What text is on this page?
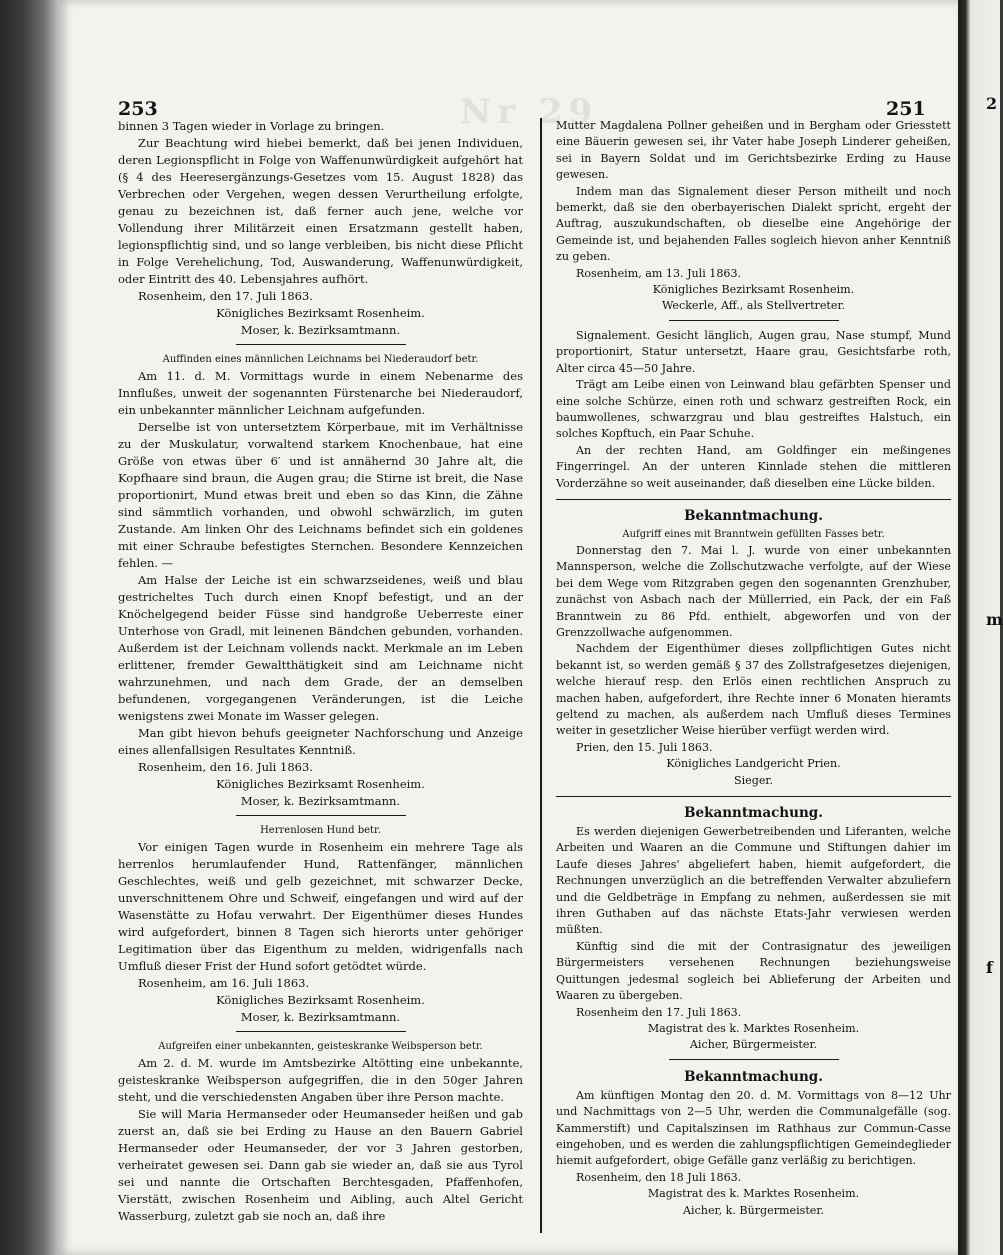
2
m
f
Nr 29
253	251

binnen 3 Tagen wieder in Vorlage zu bringen.

Zur Beachtung wird hiebei bemerkt, daß bei jenen Individuen, deren Legionspflicht in Folge von Waffenunwürdigkeit aufgehört hat (§ 4 des Heeresergänzungs-Gesetzes vom 15. August 1828) das Verbrechen oder Vergehen, wegen dessen Verurtheilung erfolgte, genau zu bezeichnen ist, daß ferner auch jene, welche vor Vollendung ihrer Militärzeit einen Ersatzmann gestellt haben, legionspflichtig sind, und so lange verbleiben, bis nicht diese Pflicht in Folge Verehelichung, Tod, Auswanderung, Waffenunwürdigkeit, oder Eintritt des 40. Lebensjahres aufhört.

Rosenheim, den 17. Juli 1863.

Königliches Bezirksamt Rosenheim.

Moser, k. Bezirksamtmann.

Auffinden eines männlichen Leichnams bei Niederaudorf betr.

Am 11. d. M. Vormittags wurde in einem Nebenarme des Innflußes, unweit der sogenannten Fürstenarche bei Niederaudorf, ein unbekannter männlicher Leichnam aufgefunden.

Derselbe ist von untersetztem Körperbaue, mit im Verhältnisse zu der Muskulatur, vorwaltend starkem Knochenbaue, hat eine Größe von etwas über 6′ und ist annähernd 30 Jahre alt, die Kopfhaare sind braun, die Augen grau; die Stirne ist breit, die Nase proportionirt, Mund etwas breit und eben so das Kinn, die Zähne sind sämmtlich vorhanden, und obwohl schwärzlich, im guten Zustande. Am linken Ohr des Leichnams befindet sich ein goldenes mit einer Schraube befestigtes Sternchen. Besondere Kennzeichen fehlen. —

Am Halse der Leiche ist ein schwarzseidenes, weiß und blau gestricheltes Tuch durch einen Knopf befestigt, und an der Knöchelgegend beider Füsse sind handgroße Ueberreste einer Unterhose von Gradl, mit leinenen Bändchen gebunden, vorhanden. Außerdem ist der Leichnam vollends nackt. Merkmale an im Leben erlittener, fremder Gewaltthätigkeit sind am Leichname nicht wahrzunehmen, und nach dem Grade, der an demselben befundenen, vorgegangenen Veränderungen, ist die Leiche wenigstens zwei Monate im Wasser gelegen.

Man gibt hievon behufs geeigneter Nachforschung und Anzeige eines allenfallsigen Resultates Kenntniß.

Rosenheim, den 16. Juli 1863.

Königliches Bezirksamt Rosenheim.

Moser, k. Bezirksamtmann.

Herrenlosen Hund betr.

Vor einigen Tagen wurde in Rosenheim ein mehrere Tage als herrenlos herumlaufender Hund, Rattenfänger, männlichen Geschlechtes, weiß und gelb gezeichnet, mit schwarzer Decke, unverschnittenem Ohre und Schweif, eingefangen und wird auf der Wasenstätte zu Hofau verwahrt. Der Eigenthümer dieses Hundes wird aufgefordert, binnen 8 Tagen sich hierorts unter gehöriger Legitimation über das Eigenthum zu melden, widrigenfalls nach Umfluß dieser Frist der Hund sofort getödtet würde.

Rosenheim, am 16. Juli 1863.

Königliches Bezirksamt Rosenheim.

Moser, k. Bezirksamtmann.

Aufgreifen einer unbekannten, geisteskranke Weibsperson betr.

Am 2. d. M. wurde im Amtsbezirke Altötting eine unbekannte, geisteskranke Weibsperson aufgegriffen, die in den 50ger Jahren steht, und die verschiedensten Angaben über ihre Person machte.

Sie will Maria Hermanseder oder Heumanseder heißen und gab zuerst an, daß sie bei Erding zu Hause an den Bauern Gabriel Hermanseder oder Heumanseder, der vor 3 Jahren gestorben, verheiratet gewesen sei. Dann gab sie wieder an, daß sie aus Tyrol sei und nannte die Ortschaften Berchtesgaden, Pfaffenhofen, Vierstätt, zwischen Rosenheim und Aibling, auch Altel Gericht Wasserburg, zuletzt gab sie noch an, daß ihre

Mutter Magdalena Pollner geheißen und in Bergham oder Griesstett eine Bäuerin gewesen sei, ihr Vater habe Joseph Linderer geheißen, sei in Bayern Soldat und im Gerichtsbezirke Erding zu Hause gewesen.

Indem man das Signalement dieser Person mitheilt und noch bemerkt, daß sie den oberbayerischen Dialekt spricht, ergeht der Auftrag, auszukundschaften, ob dieselbe eine Angehörige der Gemeinde ist, und bejahenden Falles sogleich hievon anher Kenntniß zu geben.

Rosenheim, am 13. Juli 1863.

Königliches Bezirksamt Rosenheim.

Weckerle, Aff., als Stellvertreter.

Signalement. Gesicht länglich, Augen grau, Nase stumpf, Mund proportionirt, Statur untersetzt, Haare grau, Gesichtsfarbe roth, Alter circa 45—50 Jahre.

Trägt am Leibe einen von Leinwand blau gefärbten Spenser und eine solche Schürze, einen roth und schwarz gestreiften Rock, ein baumwollenes, schwarzgrau und blau gestreiftes Halstuch, ein solches Kopftuch, ein Paar Schuhe.

An der rechten Hand, am Goldfinger ein meßingenes Fingerringel. An der unteren Kinnlade stehen die mittleren Vorderzähne so weit auseinander, daß dieselben eine Lücke bilden.

Bekanntmachung.

Aufgriff eines mit Branntwein gefüllten Fasses betr.

Donnerstag den 7. Mai l. J. wurde von einer unbekannten Mannsperson, welche die Zollschutzwache verfolgte, auf der Wiese bei dem Wege vom Ritzgraben gegen den sogenannten Grenzhuber, zunächst von Asbach nach der Müllerried, ein Pack, der ein Faß Branntwein zu 86 Pfd. enthielt, abgeworfen und von der Grenzzollwache aufgenommen.

Nachdem der Eigenthümer dieses zollpflichtigen Gutes nicht bekannt ist, so werden gemäß § 37 des Zollstrafgesetzes diejenigen, welche hierauf resp. den Erlös einen rechtlichen Anspruch zu machen haben, aufgefordert, ihre Rechte inner 6 Monaten hieramts geltend zu machen, als außerdem nach Umfluß dieses Termines weiter in gesetzlicher Weise hierüber verfügt werden wird.

Prien, den 15. Juli 1863.

Königliches Landgericht Prien.

Sieger.

Bekanntmachung.

Es werden diejenigen Gewerbetreibenden und Liferanten, welche Arbeiten und Waaren an die Commune und Stiftungen dahier im Laufe dieses Jahres' abgeliefert haben, hiemit aufgefordert, die Rechnungen unverzüglich an die betreffenden Verwalter abzuliefern und die Geldbeträge in Empfang zu nehmen, außerdessen sie mit ihren Guthaben auf das nächste Etats-Jahr verwiesen werden müßten.

Künftig sind die mit der Contrasignatur des jeweiligen Bürgermeisters versehenen Rechnungen beziehungsweise Quittungen jedesmal sogleich bei Ablieferung der Arbeiten und Waaren zu übergeben.

Rosenheim den 17. Juli 1863.

Magistrat des k. Marktes Rosenheim.

Aicher, Bürgermeister.

Bekanntmachung.

Am künftigen Montag den 20. d. M. Vormittags von 8—12 Uhr und Nachmittags von 2—5 Uhr, werden die Communalgefälle (sog. Kammerstift) und Capitalszinsen im Rathhaus zur Commun-Casse eingehoben, und es werden die zahlungspflichtigen Gemeindeglieder hiemit aufgefordert, obige Gefälle ganz verläßig zu berichtigen.

Rosenheim, den 18 Juli 1863.

Magistrat des k. Marktes Rosenheim.

Aicher, k. Bürgermeister.
